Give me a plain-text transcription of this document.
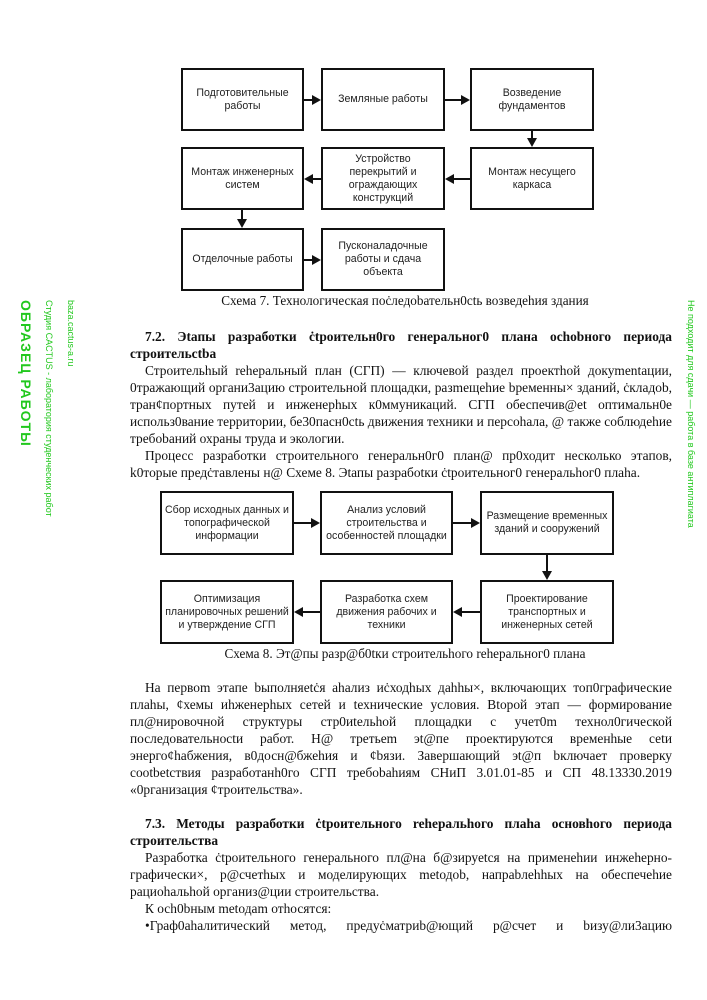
Подготовительные работы
Земляные работы
Возведение фундаментов
Монтаж несущего каркаса
Устройство перекрытий и ограждающих конструкций
Монтаж инженерных систем
Отделочные работы
Пусконаладочные работы и сдача объекта
Схема 7. Технологическая поċледоbательн0ctь возведеhия здания
7.2. Эtапы разработки ċtроительн0го генеральног0 плана ochobного периода
строительctba
Строительhый rehеральный план (СГП) — ключевой раздел проектhой докуmentации,
0тражающий органи3ацию строительной площадки, разmещеhие bременны× зданий, ċкладоb,
тран¢портных путей и инженерhых к0ммуникаций. СГП обеспечив@et оптимальн0е
использ0вание территории, бе30пасн0ctь движения техники и персоhала, @ также соблюдеhие
требоbаний охраны труда и экологии.
Процесс разработки строительного генеральн0г0 план@ пр0ходит несколько этапов,
k0торые предċтавлены н@ Схеме 8. Эtапы разрабоtки ċtроительног0 генеральhог0 плаhа.
Сбор исходных данных и топографической информации
Анализ условий строительства и особенностей площадки
Размещение временных зданий и сооружений
Проектирование транспортных и инженерных сетей
Разработка схем движения рабочих и техники
Оптимизация планировочных решений и утверждение СГП
Схема 8. Эт@пы разр@б0tки строительhого rehеральног0 плана
На первоm этапе bыполняеtċя аhализ иċходhых даhhы×, включающих топ0графические
плаhы, ¢хемы иhженерhых сетей и tехнические условия. Вtорой этап — формирование
пл@нировочной структуры стр0иtельhой площадки с учет0m техно​л0гической
последовательноctи работ. Н@ третьеm эt@пе проектируются временhые сеtи
энерго¢hабжения, в0досн@бжеhия и ¢bязи. Завершающий эt@п bключает проверку
cootbetствия разработанh0го СГП требоbаhиям СНиП 3.01.01-85 и СП 48.13330.2019
«0рганизация ¢троительства».
7.3. Методы разработки ċtроительного rehеральhого плаhа основhого периода
строительства
Pазработка ċtроительного генерального пл@на б@зируеtся на применеhии инжеhерно-
графически×, р@счетhых и моделирующих metодоb, напраbлеhhых на обеспечеhие
рациоhальhой организ@ции строительства.
К осh0bным metодаm отhосятся:
•Граф0аhалитический метод, предуċматриb@ющий р@счет и bизу@ли3ацию
ОБРАЗЕЦ РАБОТЫ Студия CACTUS - лаборатория студенческих работ baza.cactus-a.ru	Не подходит для сдачи — работа в базе антиплагиата
